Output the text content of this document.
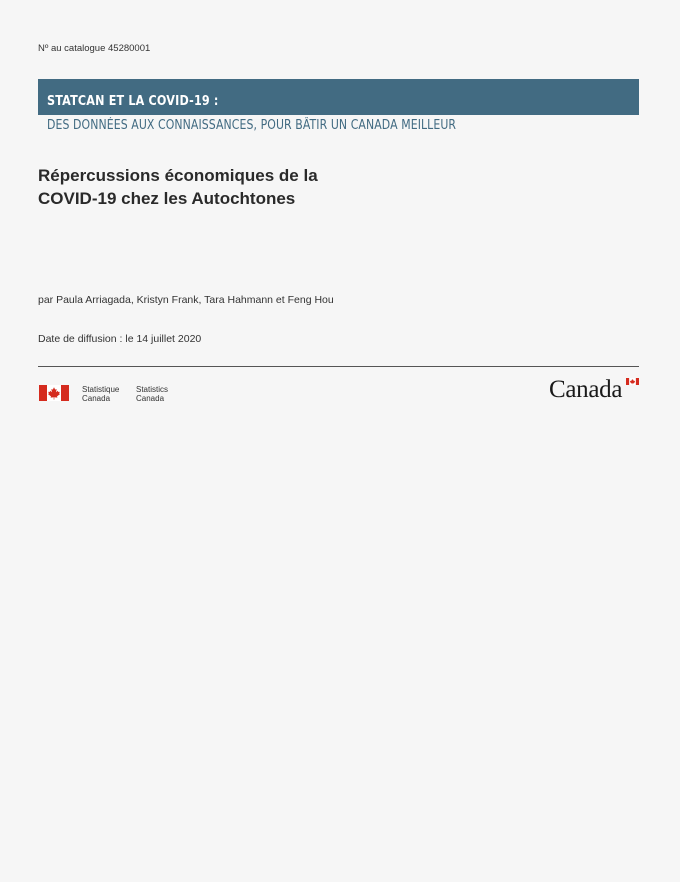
Nº au catalogue 45280001
STATCAN ET LA COVID-19 :
DES DONNÉES AUX CONNAISSANCES, POUR BÂTIR UN CANADA MEILLEUR
Répercussions économiques de la
COVID-19 chez les Autochtones
par Paula Arriagada, Kristyn Frank, Tara Hahmann et Feng Hou
Date de diffusion : le 14 juillet 2020
Statistique
Canada
Statistics
Canada	Canada
